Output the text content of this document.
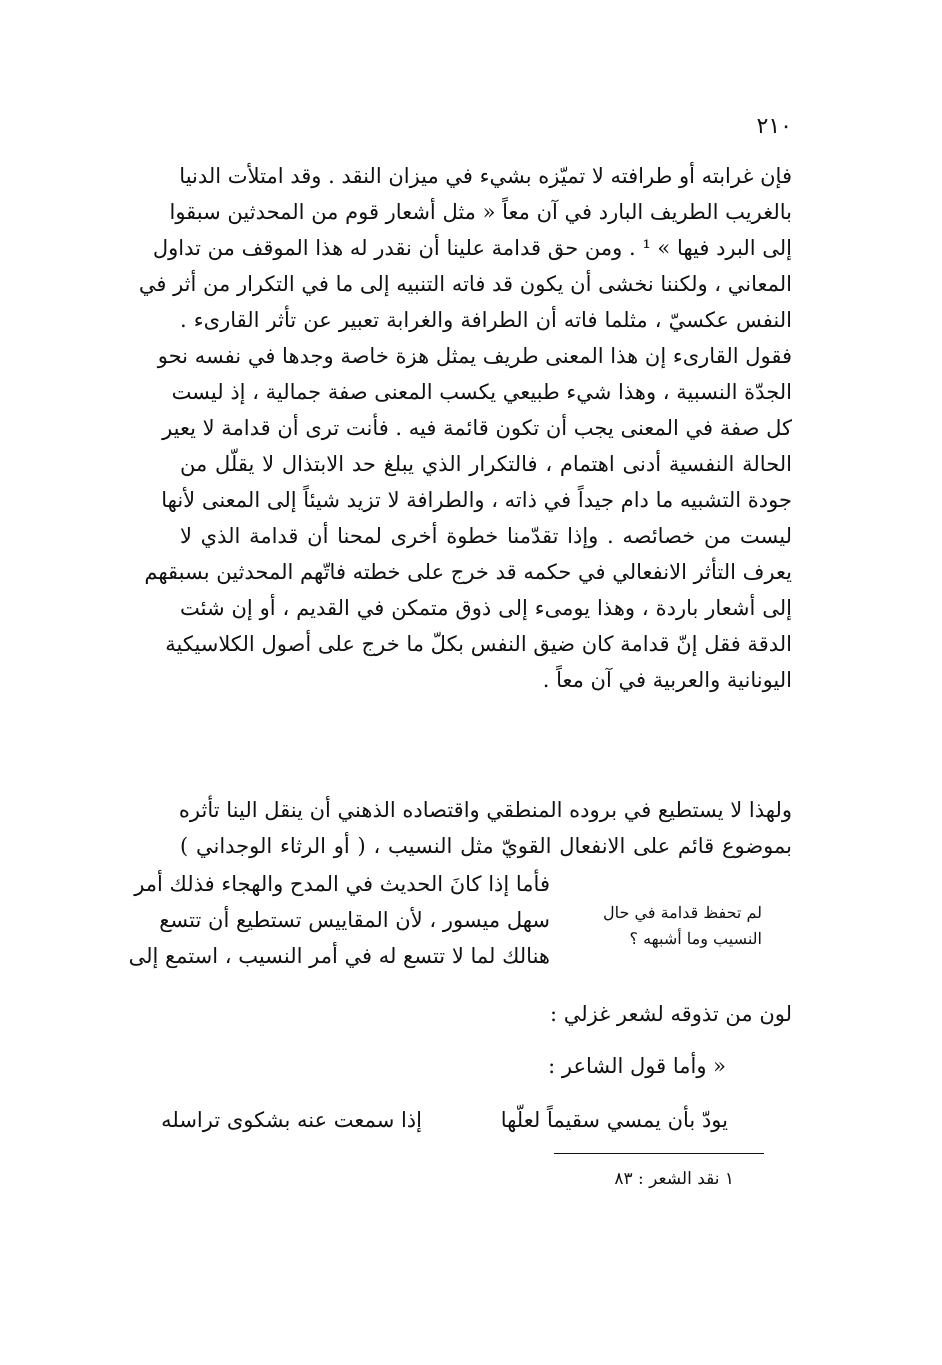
٢١٠
فإن غرابته أو طرافته لا تميّزه بشيء في ميزان النقد . وقد امتلأت الدنيا
بالغريب الطريف البارد في آن معاً « مثل أشعار قوم من المحدثين سبقوا
إلى البرد فيها » ¹ . ومن حق قدامة علينا أن نقدر له هذا الموقف من تداول
المعاني ، ولكننا نخشى أن يكون قد فاته التنبيه إلى ما في التكرار من أثر في
النفس عكسيّ ، مثلما فاته أن الطرافة والغرابة تعبير عن تأثر القارىء .
فقول القارىء إن هذا المعنى طريف يمثل هزة خاصة وجدها في نفسه نحو
الجدّة النسبية ، وهذا شيء طبيعي يكسب المعنى صفة جمالية ، إذ ليست
كل صفة في المعنى يجب أن تكون قائمة فيه . فأنت ترى أن قدامة لا يعير
الحالة النفسية أدنى اهتمام ، فالتكرار الذي يبلغ حد الابتذال لا يقلّل من
جودة التشبيه ما دام جيداً في ذاته ، والطرافة لا تزيد شيئاً إلى المعنى لأنها
ليست من خصائصه . وإذا تقدّمنا خطوة أخرى لمحنا أن قدامة الذي لا
يعرف التأثر الانفعالي في حكمه قد خرج على خطته فاتّهم المحدثين بسبقهم
إلى أشعار باردة ، وهذا يومىء إلى ذوق متمكن في القديم ، أو إن شئت
الدقة فقل إنّ قدامة كان ضيق النفس بكلّ ما خرج على أصول الكلاسيكية
اليونانية والعربية في آن معاً .
ولهذا لا يستطيع في بروده المنطقي واقتصاده الذهني أن ينقل الينا تأثره
بموضوع قائم على الانفعال القويّ مثل النسيب ، ( أو الرثاء الوجداني )
فأما إذا كانَ الحديث في المدح والهجاء فذلك أمر
سهل ميسور ، لأن المقاييس تستطيع أن تتسع
هنالك لما لا تتسع له في أمر النسيب ، استمع إلى
لم تحفظ قدامة في حال
النسيب وما أشبهه ؟
لون من تذوقه لشعر غزلي :
« وأما قول الشاعر :
يودّ بأن يمسي سقيماً لعلّها
إذا سمعت عنه بشكوى تراسله
١ نقد الشعر : ٨٣
